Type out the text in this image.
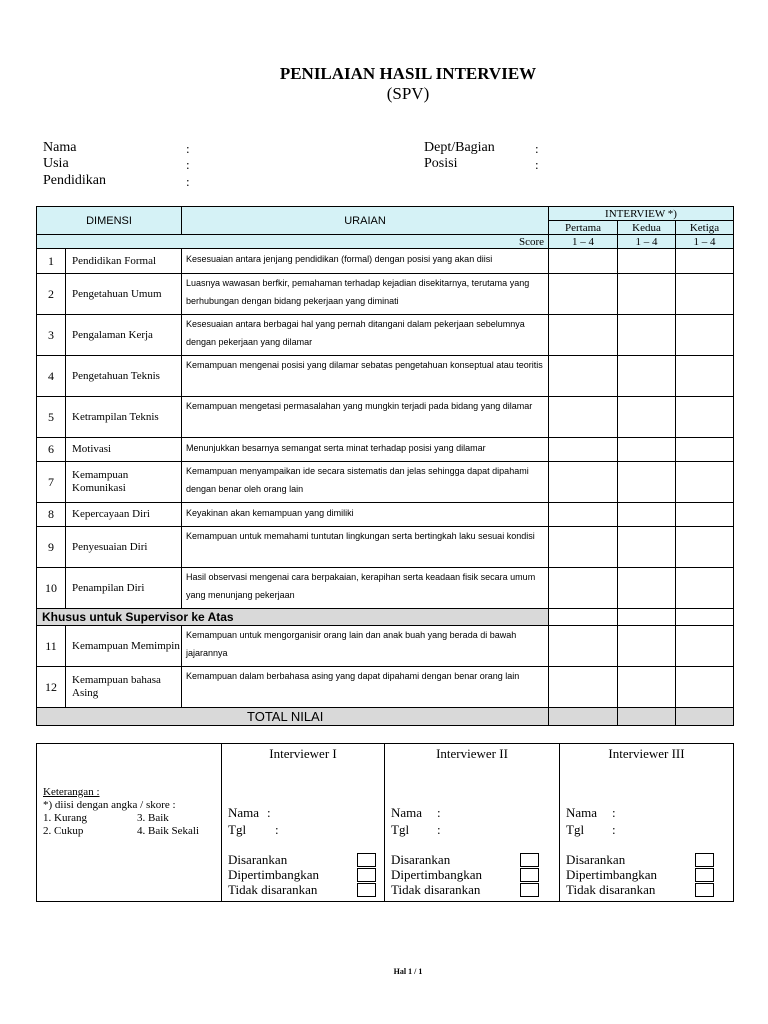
PENILAIAN HASIL INTERVIEW
(SPV)
Nama	:
Usia	:
Pendidikan	:
Dept/Bagian	:
Posisi	:
DIMENSI		URAIAN	INTERVIEW *)		
			Pertama	Kedua	Ketiga
Score			1 – 4	1 – 4	1 – 4
1	Pendidikan Formal	Kesesuaian antara jenjang pendidikan (formal) dengan posisi yang akan diisi			
2	Pengetahuan Umum	Luasnya wawasan berfkir, pemahaman terhadap kejadian disekitarnya, terutama yang berhubungan dengan bidang pekerjaan yang diminati			
3	Pengalaman Kerja	Kesesuaian antara berbagai hal yang pernah ditangani dalam pekerjaan sebelumnya dengan pekerjaan yang dilamar			
4	Pengetahuan Teknis	Kemampuan mengenai posisi yang dilamar sebatas pengetahuan konseptual atau teoritis			
5	Ketrampilan Teknis	Kemampuan mengetasi permasalahan yang mungkin terjadi pada bidang yang dilamar			
6	Motivasi	Menunjukkan besarnya semangat serta minat terhadap posisi yang dilamar			
7	Kemampuan Komunikasi	Kemampuan menyampaikan ide secara sistematis dan jelas sehingga dapat dipahami dengan benar oleh orang lain			
8	Kepercayaan Diri	Keyakinan akan kemampuan yang dimiliki			
9	Penyesuaian Diri	Kemampuan untuk memahami tuntutan lingkungan serta bertingkah laku sesuai kondisi			
10	Penampilan Diri	Hasil observasi mengenai cara berpakaian, kerapihan serta keadaan fisik secara umum yang menunjang pekerjaan			
Khusus untuk Supervisor ke Atas					
11	Kemampuan Memimpin	Kemampuan untuk mengorganisir orang lain dan anak buah yang berada di bawah jajarannya			
12	Kemampuan bahasa Asing	Kemampuan dalam berbahasa asing yang dapat dipahami dengan benar orang lain			
TOTAL NILAI					
Keterangan :
*) diisi dengan angka / skore :
1. Kurang	3. Baik
2. Cukup	4. Baik Sekali

Interviewer I
Nama :
Tgl :
Disarankan
Dipertimbangkan
Tidak disarankan

Interviewer II
Nama :
Tgl :
Disarankan
Dipertimbangkan
Tidak disarankan

Interviewer III
Nama :
Tgl :
Disarankan
Dipertimbangkan
Tidak disarankan
Hal 1 / 1
